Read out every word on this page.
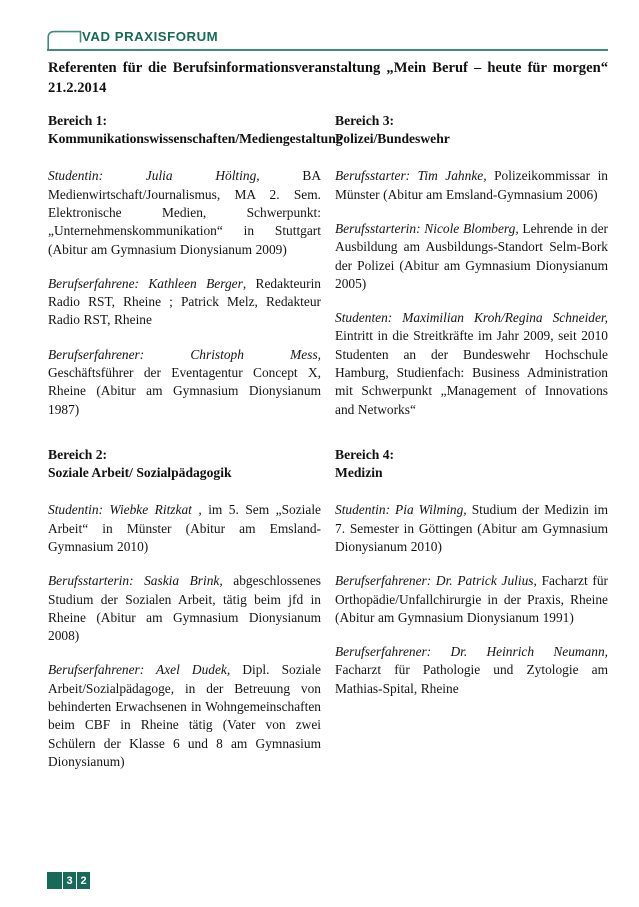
VAD PRAXISFORUM
Referenten für die Berufsinformationsveranstaltung „Mein Beruf – heute für morgen“ 21.2.2014
Bereich 1:
Kommunikationswissenschaften/Mediengestaltung

Studentin: Julia Hölting, BA Medienwirtschaft/Journalismus, MA 2. Sem. Elektronische Medien, Schwerpunkt: „Unternehmenskommunikation“ in Stuttgart (Abitur am Gymnasium Dionysianum 2009)

Berufserfahrene: Kathleen Berger, Redakteurin Radio RST, Rheine ; Patrick Melz, Redakteur Radio RST, Rheine

Berufserfahrener: Christoph Mess, Geschäftsführer der Eventagentur Concept X, Rheine (Abitur am Gymnasium Dionysianum 1987)

Bereich 2:
Soziale Arbeit/ Sozialpädagogik

Studentin: Wiebke Ritzkat , im 5. Sem „Soziale Arbeit“ in Münster (Abitur am Emsland-Gymnasium 2010)

Berufsstarterin: Saskia Brink, abgeschlossenes Studium der Sozialen Arbeit, tätig beim jfd in Rheine (Abitur am Gymnasium Dionysianum 2008)

Berufserfahrener: Axel Dudek, Dipl. Soziale Arbeit/Sozialpädagoge, in der Betreuung von behinderten Erwachsenen in Wohngemeinschaften beim CBF in Rheine tätig (Vater von zwei Schülern der Klasse 6 und 8 am Gymnasium Dionysianum)

Bereich 3:
Polizei/Bundeswehr

Berufsstarter: Tim Jahnke, Polizeikommissar in Münster (Abitur am Emsland-Gymnasium 2006)

Berufsstarterin: Nicole Blomberg, Lehrende in der Ausbildung am Ausbildungs-Standort Selm-Bork der Polizei (Abitur am Gymnasium Dionysianum 2005)

Studenten: Maximilian Kroh/Regina Schneider, Eintritt in die Streitkräfte im Jahr 2009, seit 2010 Studenten an der Bundeswehr Hochschule Hamburg, Studienfach: Business Administration mit Schwerpunkt „Management of Innovations and Networks“

Bereich 4:
Medizin

Studentin: Pia Wilming, Studium der Medizin im 7. Semester in Göttingen (Abitur am Gymnasium Dionysianum 2010)

Berufserfahrener: Dr. Patrick Julius, Facharzt für Orthopädie/Unfallchirurgie in der Praxis, Rheine (Abitur am Gymnasium Dionysianum 1991)

Berufserfahrener: Dr. Heinrich Neumann, Facharzt für Pathologie und Zytologie am Mathias-Spital, Rheine

3 2
